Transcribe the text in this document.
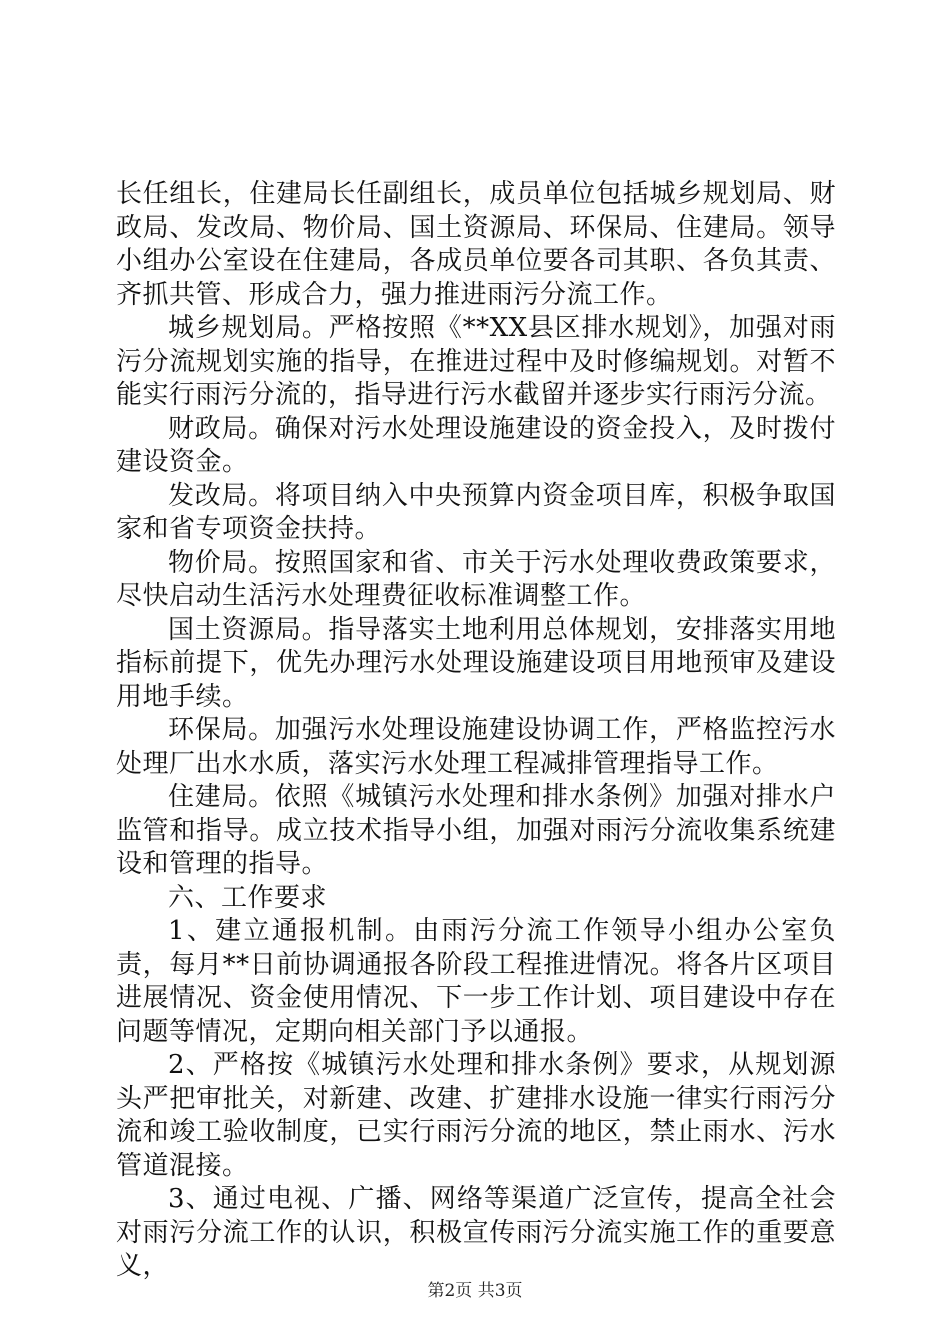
长任组长，住建局长任副组长，成员单位包括城乡规划局、财政局、发改局、物价局、国土资源局、环保局、住建局。领导小组办公室设在住建局，各成员单位要各司其职、各负其责、齐抓共管、形成合力，强力推进雨污分流工作。

城乡规划局。严格按照《**XX县区排水规划》，加强对雨污分流规划实施的指导，在推进过程中及时修编规划。对暂不能实行雨污分流的，指导进行污水截留并逐步实行雨污分流。

财政局。确保对污水处理设施建设的资金投入，及时拨付建设资金。

发改局。将项目纳入中央预算内资金项目库，积极争取国家和省专项资金扶持。

物价局。按照国家和省、市关于污水处理收费政策要求，尽快启动生活污水处理费征收标准调整工作。

国土资源局。指导落实土地利用总体规划，安排落实用地指标前提下，优先办理污水处理设施建设项目用地预审及建设用地手续。

环保局。加强污水处理设施建设协调工作，严格监控污水处理厂出水水质，落实污水处理工程减排管理指导工作。

住建局。依照《城镇污水处理和排水条例》加强对排水户监管和指导。成立技术指导小组，加强对雨污分流收集系统建设和管理的指导。

六、工作要求

1、建立通报机制。由雨污分流工作领导小组办公室负责，每月**日前协调通报各阶段工程推进情况。将各片区项目进展情况、资金使用情况、下一步工作计划、项目建设中存在问题等情况，定期向相关部门予以通报。

2、严格按《城镇污水处理和排水条例》要求，从规划源头严把审批关，对新建、改建、扩建排水设施一律实行雨污分流和竣工验收制度，已实行雨污分流的地区，禁止雨水、污水管道混接。

3、通过电视、广播、网络等渠道广泛宣传，提高全社会对雨污分流工作的认识，积极宣传雨污分流实施工作的重要意义，

第2页 共3页
